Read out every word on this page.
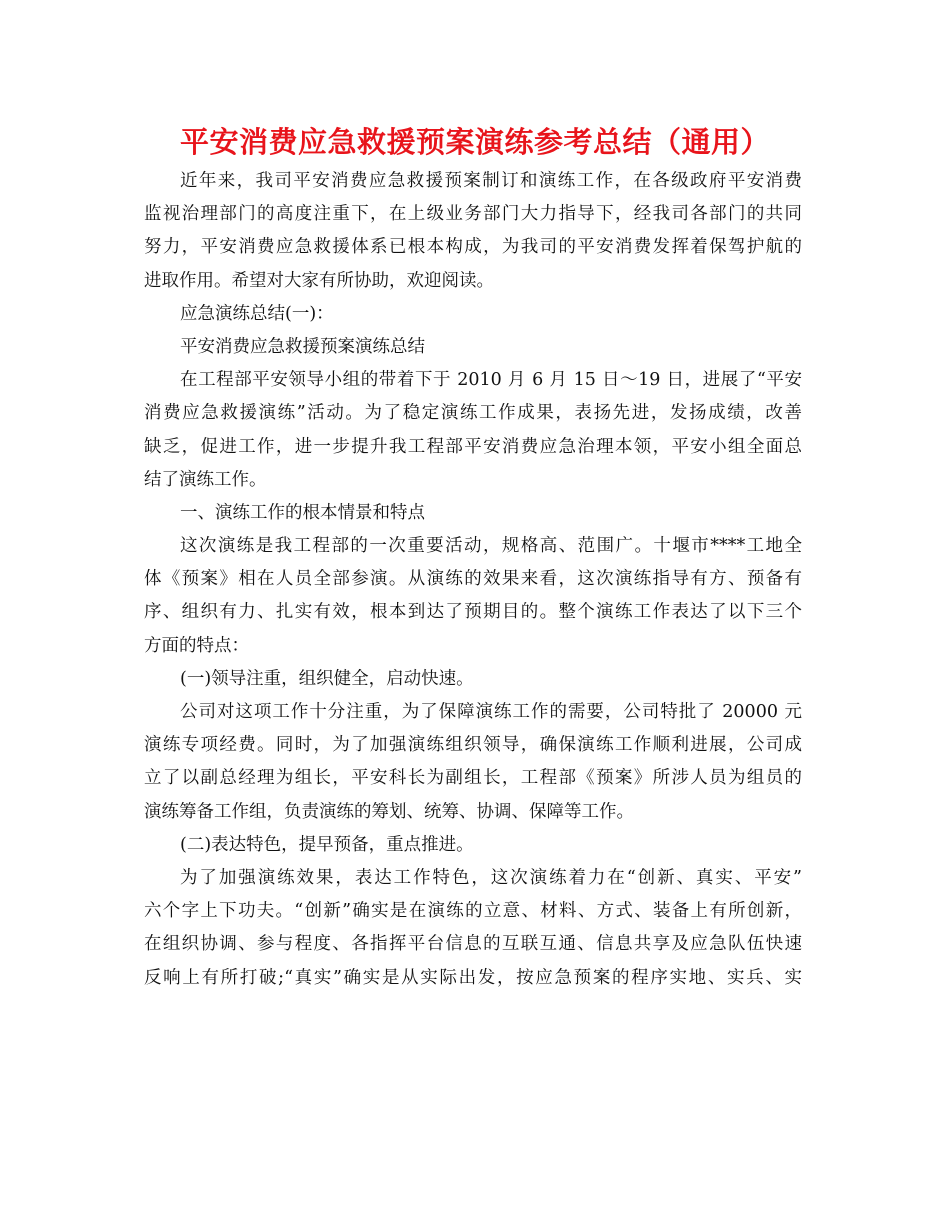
平安消费应急救援预案演练参考总结（通用）
近年来，我司平安消费应急救援预案制订和演练工作，在各级政府平安消费
监视治理部门的高度注重下，在上级业务部门大力指导下，经我司各部门的共同
努力，平安消费应急救援体系已根本构成，为我司的平安消费发挥着保驾护航的
进取作用。希望对大家有所协助，欢迎阅读。
应急演练总结(一)：
平安消费应急救援预案演练总结
在工程部平安领导小组的带着下于 2010 月 6 月 15 日～19 日，进展了“平安
消费应急救援演练”活动。为了稳定演练工作成果，表扬先进，发扬成绩，改善
缺乏，促进工作，进一步提升我工程部平安消费应急治理本领，平安小组全面总
结了演练工作。
一、演练工作的根本情景和特点
这次演练是我工程部的一次重要活动，规格高、范围广。十堰市****工地全
体《预案》相在人员全部参演。从演练的效果来看，这次演练指导有方、预备有
序、组织有力、扎实有效，根本到达了预期目的。整个演练工作表达了以下三个
方面的特点：
(一)领导注重，组织健全，启动快速。
公司对这项工作十分注重，为了保障演练工作的需要，公司特批了 20000 元
演练专项经费。同时，为了加强演练组织领导，确保演练工作顺利进展，公司成
立了以副总经理为组长，平安科长为副组长，工程部《预案》所涉人员为组员的
演练筹备工作组，负责演练的筹划、统筹、协调、保障等工作。
(二)表达特色，提早预备，重点推进。
为了加强演练效果，表达工作特色，这次演练着力在“创新、真实、平安”
六个字上下功夫。“创新”确实是在演练的立意、材料、方式、装备上有所创新，
在组织协调、参与程度、各指挥平台信息的互联互通、信息共享及应急队伍快速
反响上有所打破;“真实”确实是从实际出发，按应急预案的程序实地、实兵、实
